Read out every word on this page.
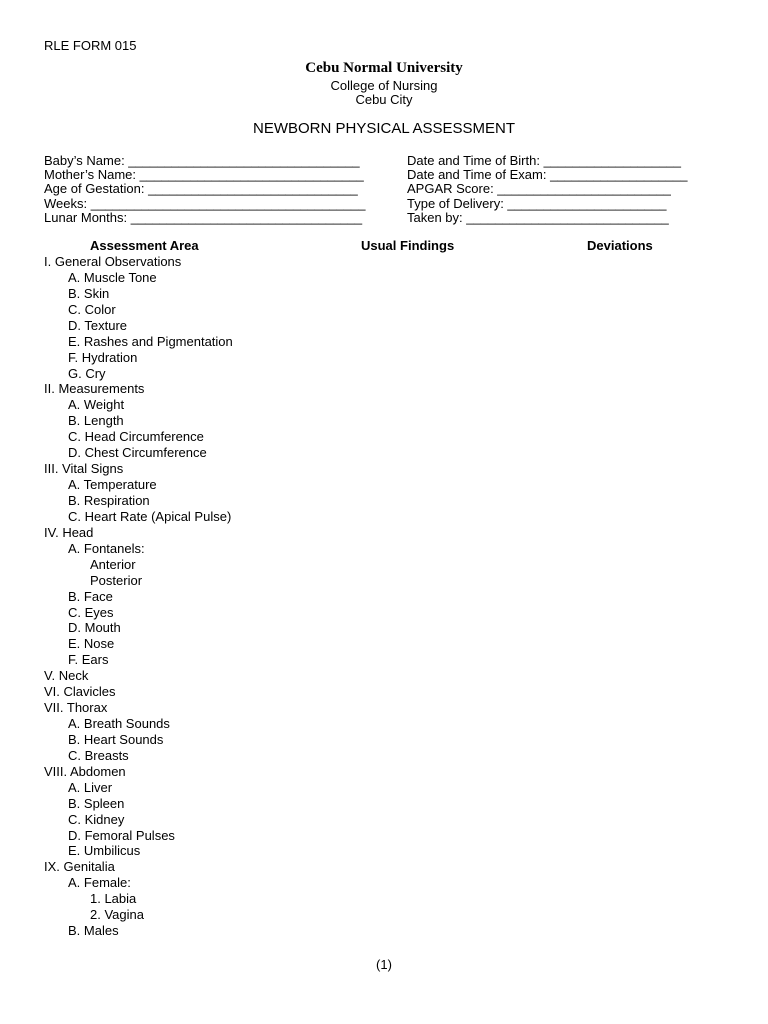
RLE FORM 015
Cebu Normal University
College of Nursing
Cebu City
NEWBORN PHYSICAL ASSESSMENT
Baby’s Name: ________________________________
Mother’s Name: _______________________________
Age of Gestation: _____________________________
Weeks: ______________________________________
Lunar Months: ________________________________
Date and Time of Birth: ___________________
Date and Time of Exam: ___________________
APGAR Score: ________________________
Type of Delivery: ______________________
Taken by: ____________________________
Assessment Area	Usual Findings	Deviations
I. General Observations
A. Muscle Tone
B. Skin
C. Color
D. Texture
E. Rashes and Pigmentation
F. Hydration
G. Cry
II. Measurements
A. Weight
B. Length
C. Head Circumference
D. Chest Circumference
III. Vital Signs
A. Temperature
B. Respiration
C. Heart Rate (Apical Pulse)
IV. Head
A. Fontanels:
Anterior
Posterior
B. Face
C. Eyes
D. Mouth
E. Nose
F. Ears
V. Neck
VI. Clavicles
VII. Thorax
A. Breath Sounds
B. Heart Sounds
C. Breasts
VIII. Abdomen
A. Liver
B. Spleen
C. Kidney
D. Femoral Pulses
E. Umbilicus
IX. Genitalia
A. Female:
1. Labia
2. Vagina
B. Males
(1)
